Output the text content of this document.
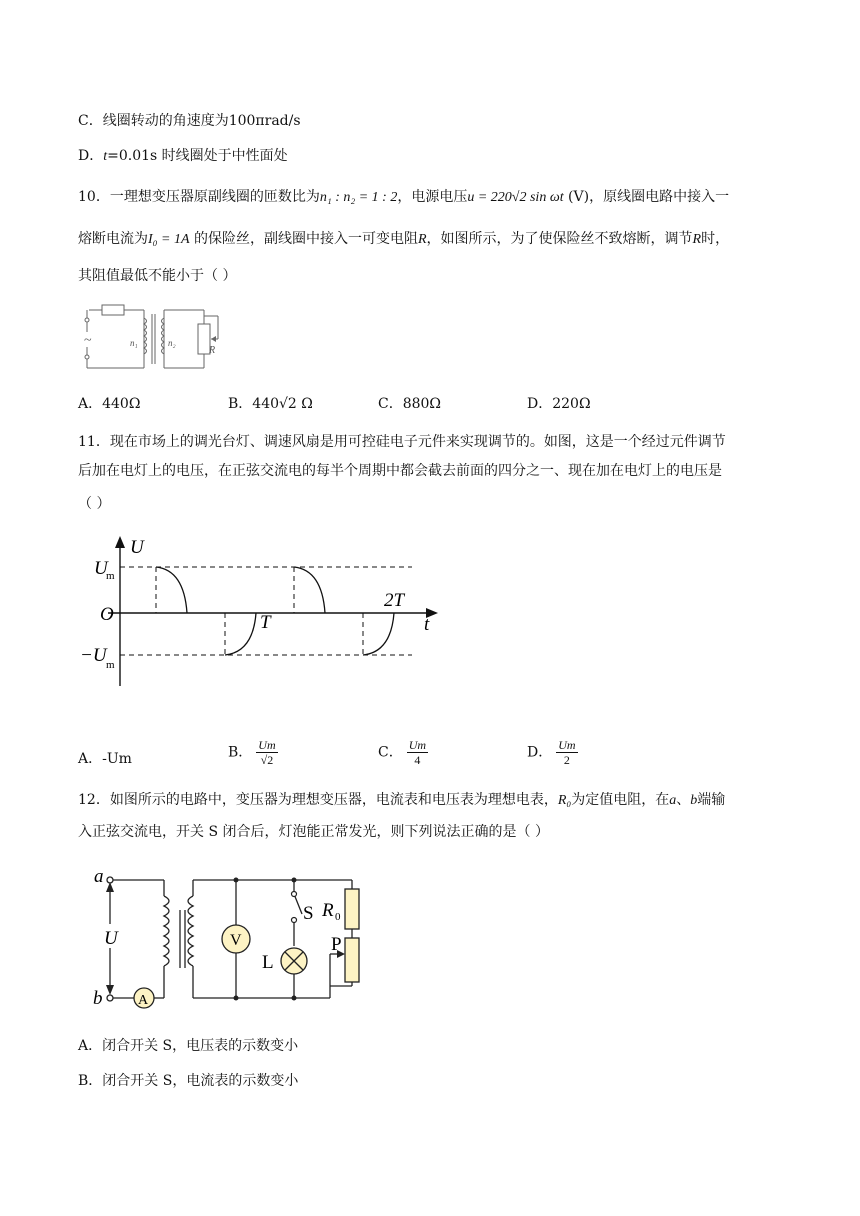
C．线圈转动的角速度为100πrad/s
D．t=0.01s 时线圈处于中性面处
10．一理想变压器原副线圈的匝数比为n₁ : n₂ = 1 : 2，电源电压u = 220√2 sin ωt (V)，原线圈电路中接入一
熔断电流为I₀ = 1A 的保险丝，副线圈中接入一可变电阻R，如图所示，为了使保险丝不致熔断，调节R时，
其阻值最低不能小于（ ）
~	n₁	n₂
R
A．440Ω	B．440√2 Ω	C．880Ω	D．220Ω
11．现在市场上的调光台灯、调速风扇是用可控硅电子元件来实现调节的。如图，这是一个经过元件调节
后加在电灯上的电压，在正弦交流电的每半个周期中都会截去前面的四分之一、现在加在电灯上的电压是
（ ）
U
U
m
O
−U m
T
2T
t
A．-Um	B． $\frac{Um}{√2}$	C． $\frac{Um}{4}$	D． $\frac{Um}{2}$
12．如图所示的电路中，变压器为理想变压器，电流表和电压表为理想电表，R₀为定值电阻，在a、b端输
入正弦交流电，开关 S 闭合后，灯泡能正常发光，则下列说法正确的是（ ）
a
b
U
A
V
S
L
R 0
P
A．闭合开关 S，电压表的示数变小
B．闭合开关 S，电流表的示数变小
